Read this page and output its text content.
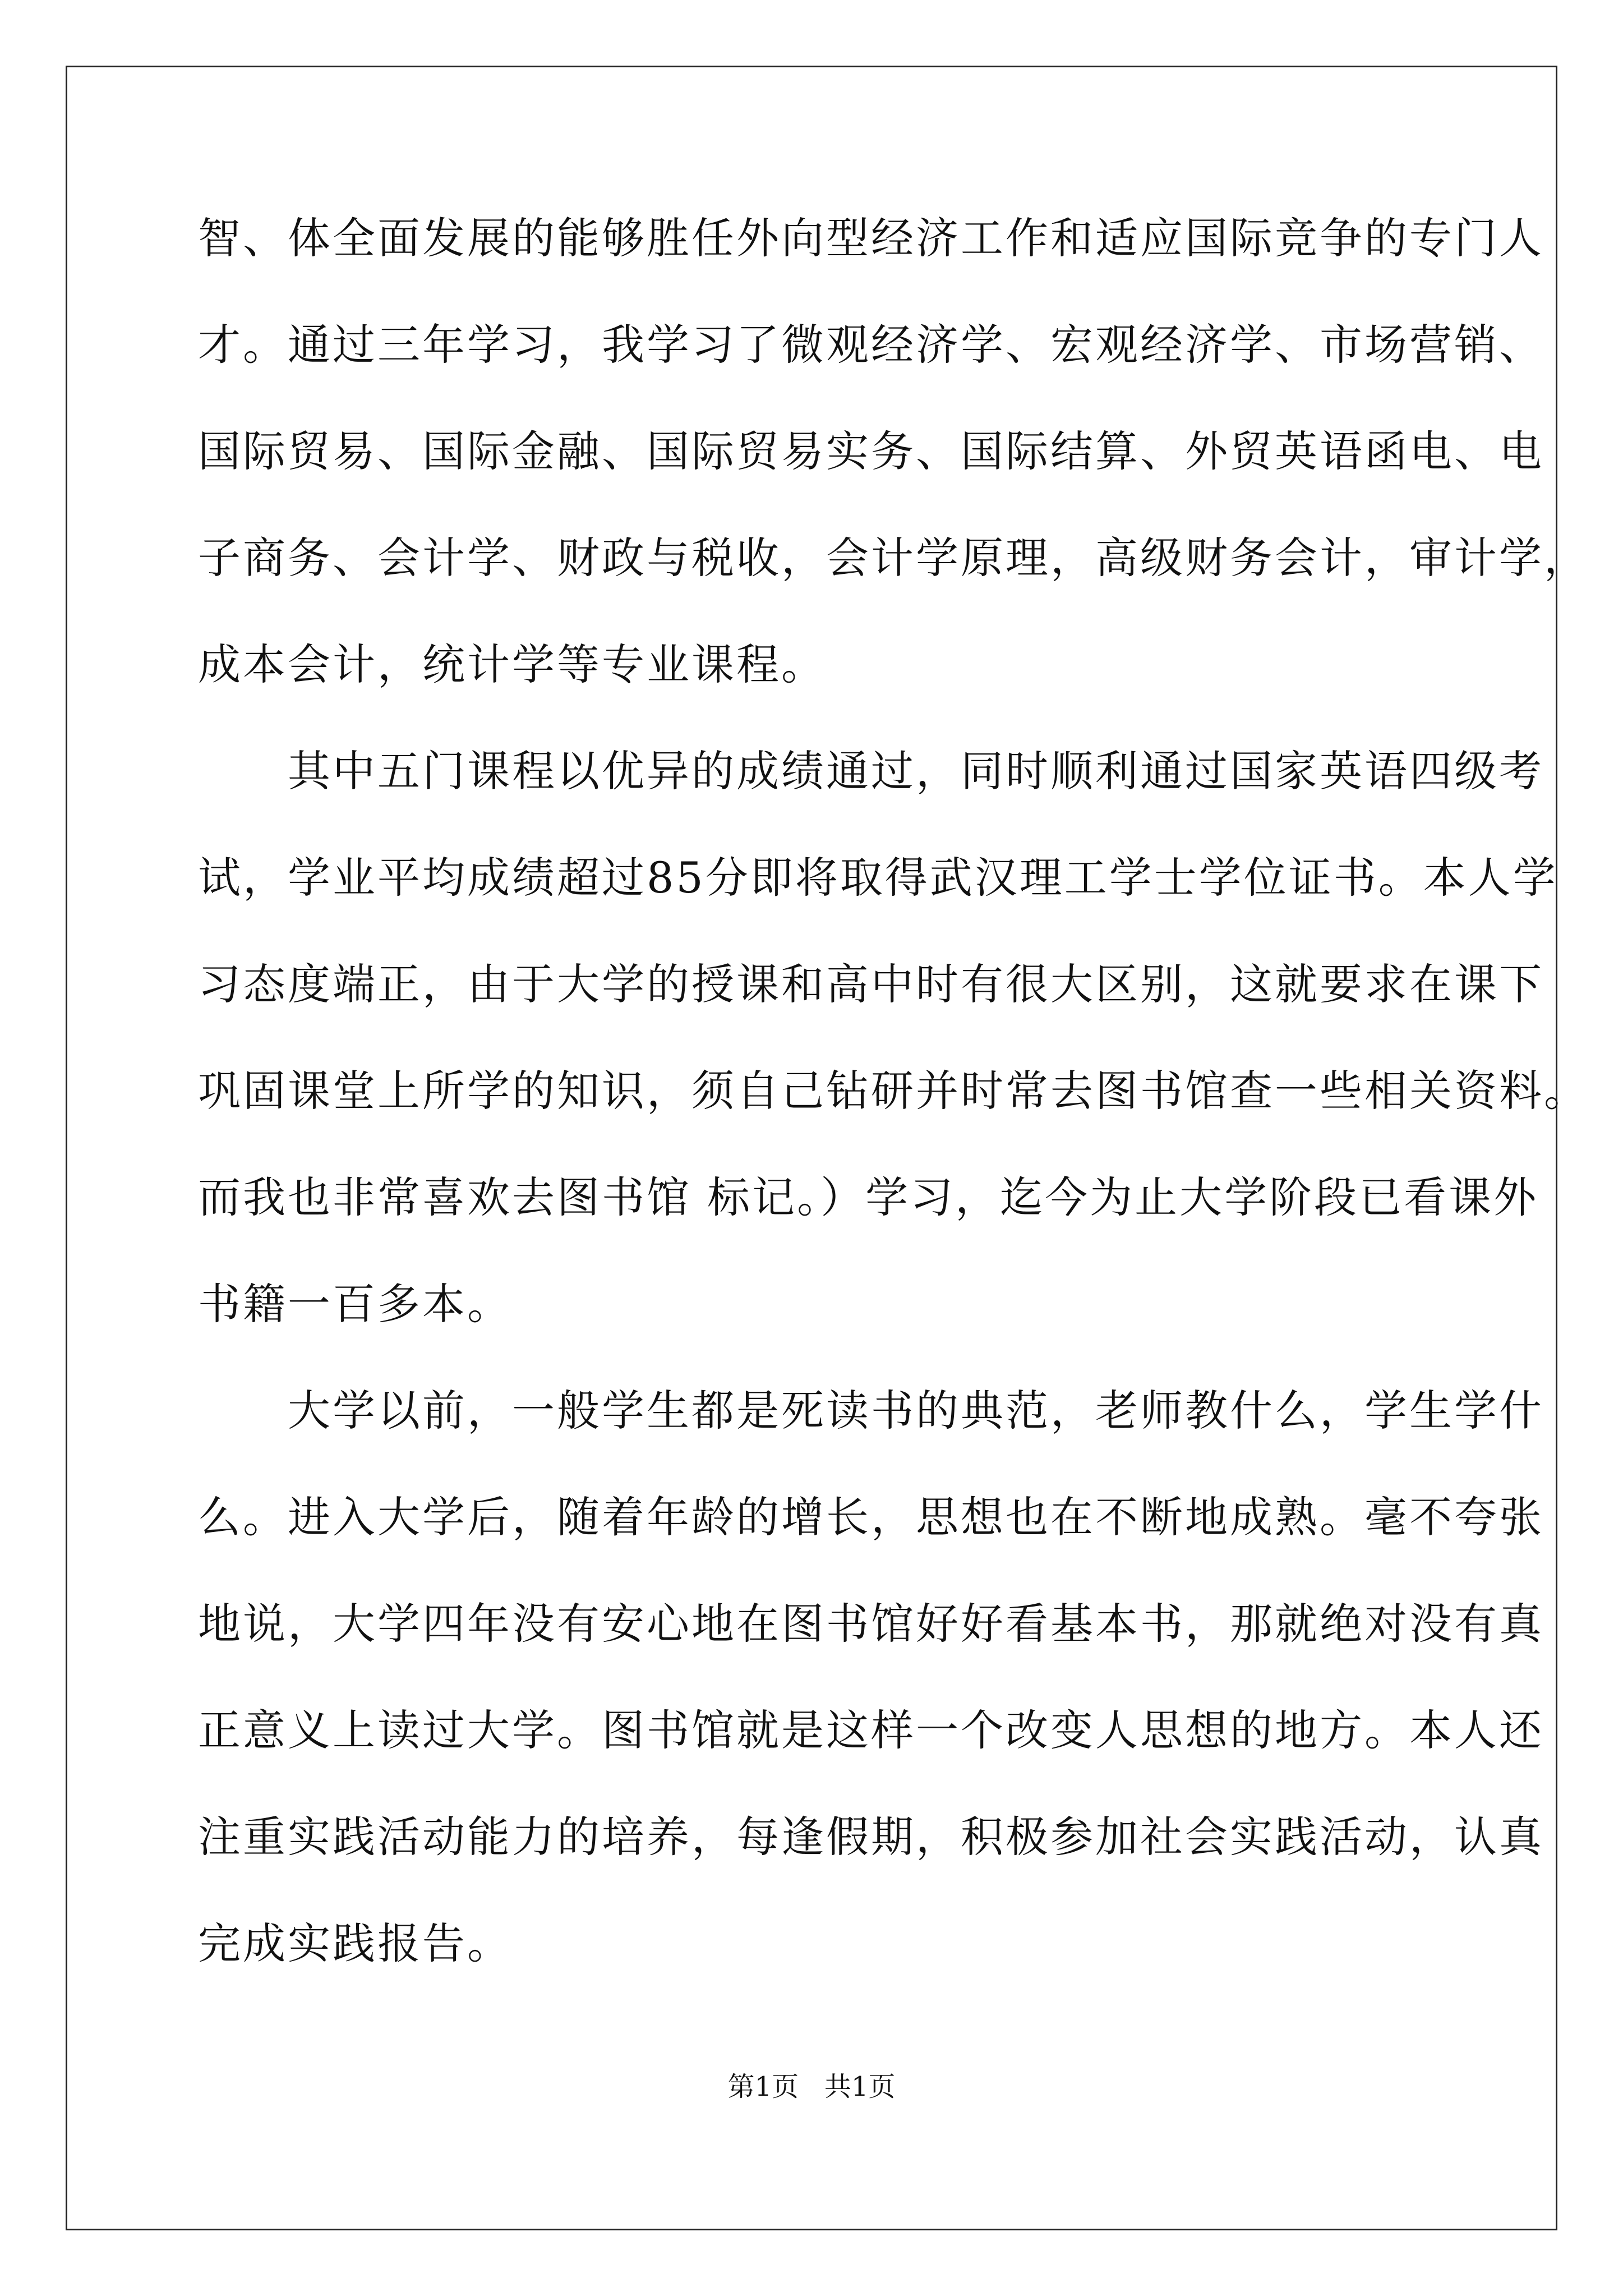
智、体全面发展的能够胜任外向型经济工作和适应国际竞争的专门人
才。通过三年学习，我学习了微观经济学、宏观经济学、市场营销、
国际贸易、国际金融、国际贸易实务、国际结算、外贸英语函电、电
子商务、会计学、财政与税收，会计学原理，高级财务会计，审计学，
成本会计，统计学等专业课程。
　　其中五门课程以优异的成绩通过，同时顺利通过国家英语四级考
试，学业平均成绩超过85分即将取得武汉理工学士学位证书。本人学
习态度端正，由于大学的授课和高中时有很大区别，这就要求在课下
巩固课堂上所学的知识，须自己钻研并时常去图书馆查一些相关资料。
而我也非常喜欢去图书馆 标记。）学习，迄今为止大学阶段已看课外
书籍一百多本。
　　大学以前，一般学生都是死读书的典范，老师教什么，学生学什
么。进入大学后，随着年龄的增长，思想也在不断地成熟。毫不夸张
地说，大学四年没有安心地在图书馆好好看基本书，那就绝对没有真
正意义上读过大学。图书馆就是这样一个改变人思想的地方。本人还
注重实践活动能力的培养，每逢假期，积极参加社会实践活动，认真
完成实践报告。
第1页 共1页
